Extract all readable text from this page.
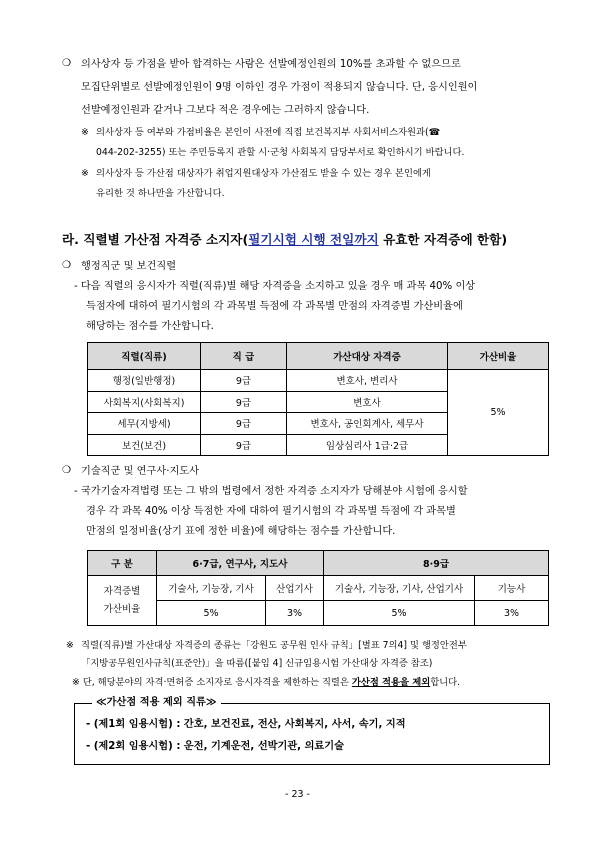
❍ 의사상자 등 가점을 받아 합격하는 사람은 선발예정인원의 10%를 초과할 수 없으므로
모집단위별로 선발예정인원이 9명 이하인 경우 가점이 적용되지 않습니다. 단, 응시인원이
선발예정인원과 같거나 그보다 적은 경우에는 그러하지 않습니다.
※ 의사상자 등 여부와 가점비율은 본인이 사전에 직접 보건복지부 사회서비스자원과(☎
044-202-3255) 또는 주민등록지 관할 시·군청 사회복지 담당부서로 확인하시기 바랍니다.
※ 의사상자 등 가산점 대상자가 취업지원대상자 가산점도 받을 수 있는 경우 본인에게
유리한 것 하나만을 가산합니다.
라. 직렬별 가산점 자격증 소지자(필기시험 시행 전일까지 유효한 자격증에 한함)
❍ 행정직군 및 보건직렬
- 다음 직렬의 응시자가 직렬(직류)별 해당 자격증을 소지하고 있을 경우 매 과목 40% 이상
득점자에 대하여 필기시험의 각 과목별 득점에 각 과목별 만점의 자격증별 가산비율에
해당하는 점수를 가산합니다.
직렬(직류)	직 급	가산대상 자격증	가산비율
행정(일반행정)	9급	변호사, 변리사	5%
사회복지(사회복지)	9급	변호사	
세무(지방세)	9급	변호사, 공인회계사, 세무사	
보건(보건)	9급	임상심리사 1급·2급	
❍ 기술직군 및 연구사·지도사
- 국가기술자격법령 또는 그 밖의 법령에서 정한 자격증 소지자가 당해분야 시험에 응시할
경우 각 과목 40% 이상 득점한 자에 대하여 필기시험의 각 과목별 득점에 각 과목별
만점의 일정비율(상기 표에 정한 비율)에 해당하는 점수를 가산합니다.
구 분	6·7급, 연구사, 지도사		8·9급	

자격증별
가산비율	기술사, 기능장, 기사	산업기사	기술사, 기능장, 기사, 산업기사	기능사
	5%	3%	5%	3%
※ 직렬(직류)별 가산대상 자격증의 종류는「강원도 공무원 인사 규칙」[별표 7의4] 및 행정안전부
「지방공무원인사규칙(표준안)」을 따름([붙임 4] 신규임용시험 가산대상 자격증 참조)
※ 단, 해당분야의 자격·면허증 소지자로 응시자격을 제한하는 직렬은 가산점 적용을 제외합니다.
≪가산점 적용 제외 직류≫
- (제1회 임용시험) : 간호, 보건진료, 전산, 사회복지, 사서, 속기, 지적
- (제2회 임용시험) : 운전, 기계운전, 선박기관, 의료기술
- 23 -
